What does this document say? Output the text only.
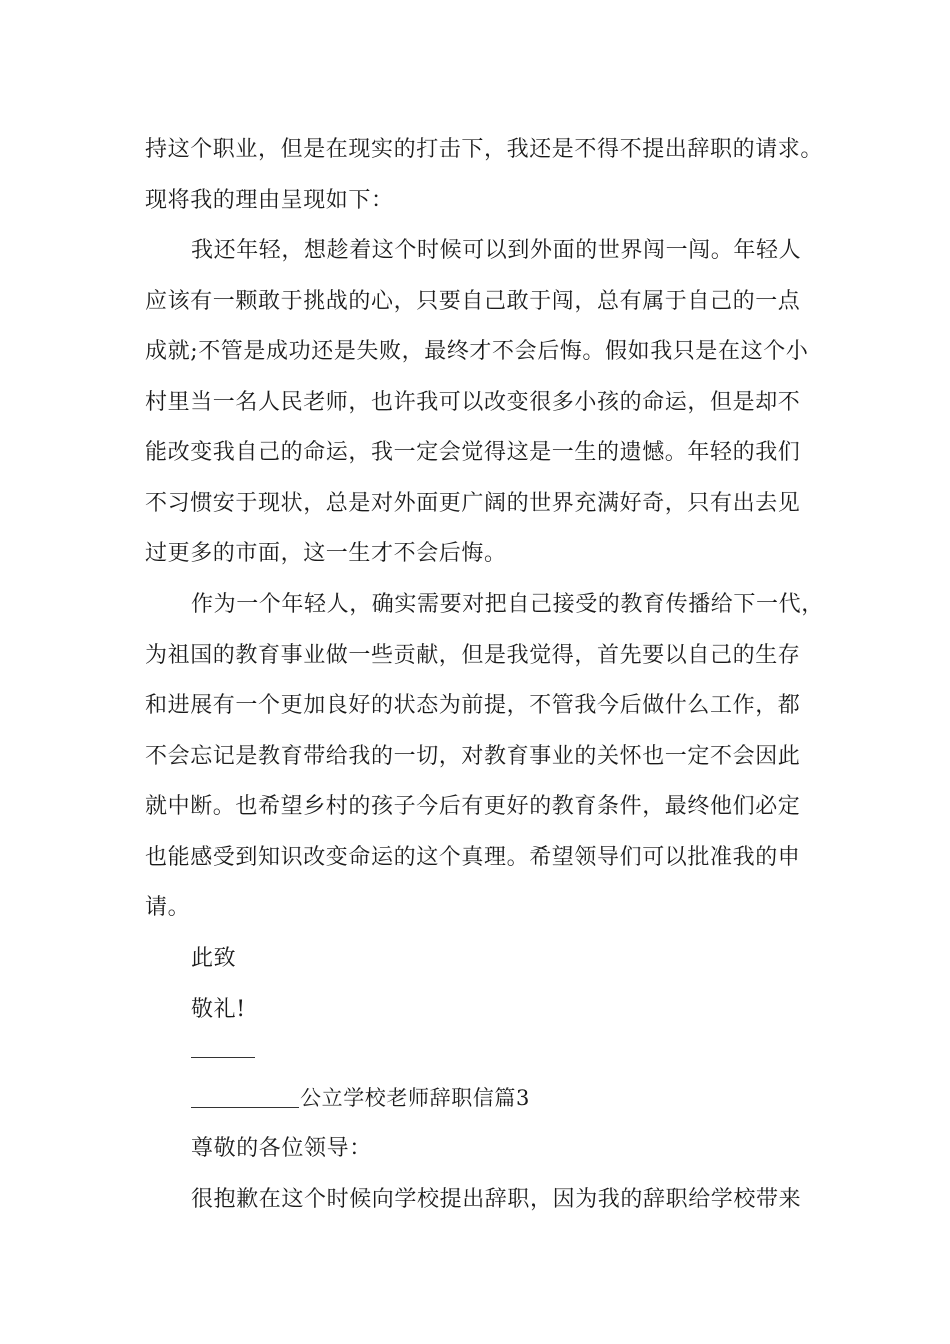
持这个职业，但是在现实的打击下，我还是不得不提出辞职的请求。
现将我的理由呈现如下：
我还年轻，想趁着这个时候可以到外面的世界闯一闯。年轻人
应该有一颗敢于挑战的心，只要自己敢于闯，总有属于自己的一点
成就;不管是成功还是失败，最终才不会后悔。假如我只是在这个小
村里当一名人民老师，也许我可以改变很多小孩的命运，但是却不
能改变我自己的命运，我一定会觉得这是一生的遗憾。年轻的我们
不习惯安于现状，总是对外面更广阔的世界充满好奇，只有出去见
过更多的市面，这一生才不会后悔。
作为一个年轻人，确实需要对把自己接受的教育传播给下一代，
为祖国的教育事业做一些贡献，但是我觉得，首先要以自己的生存
和进展有一个更加良好的状态为前提，不管我今后做什么工作，都
不会忘记是教育带给我的一切，对教育事业的关怀也一定不会因此
就中断。也希望乡村的孩子今后有更好的教育条件，最终他们必定
也能感受到知识改变命运的这个真理。希望领导们可以批准我的申
请。
此致
敬礼!
公立学校老师辞职信篇3
尊敬的各位领导：
很抱歉在这个时候向学校提出辞职，因为我的辞职给学校带来
